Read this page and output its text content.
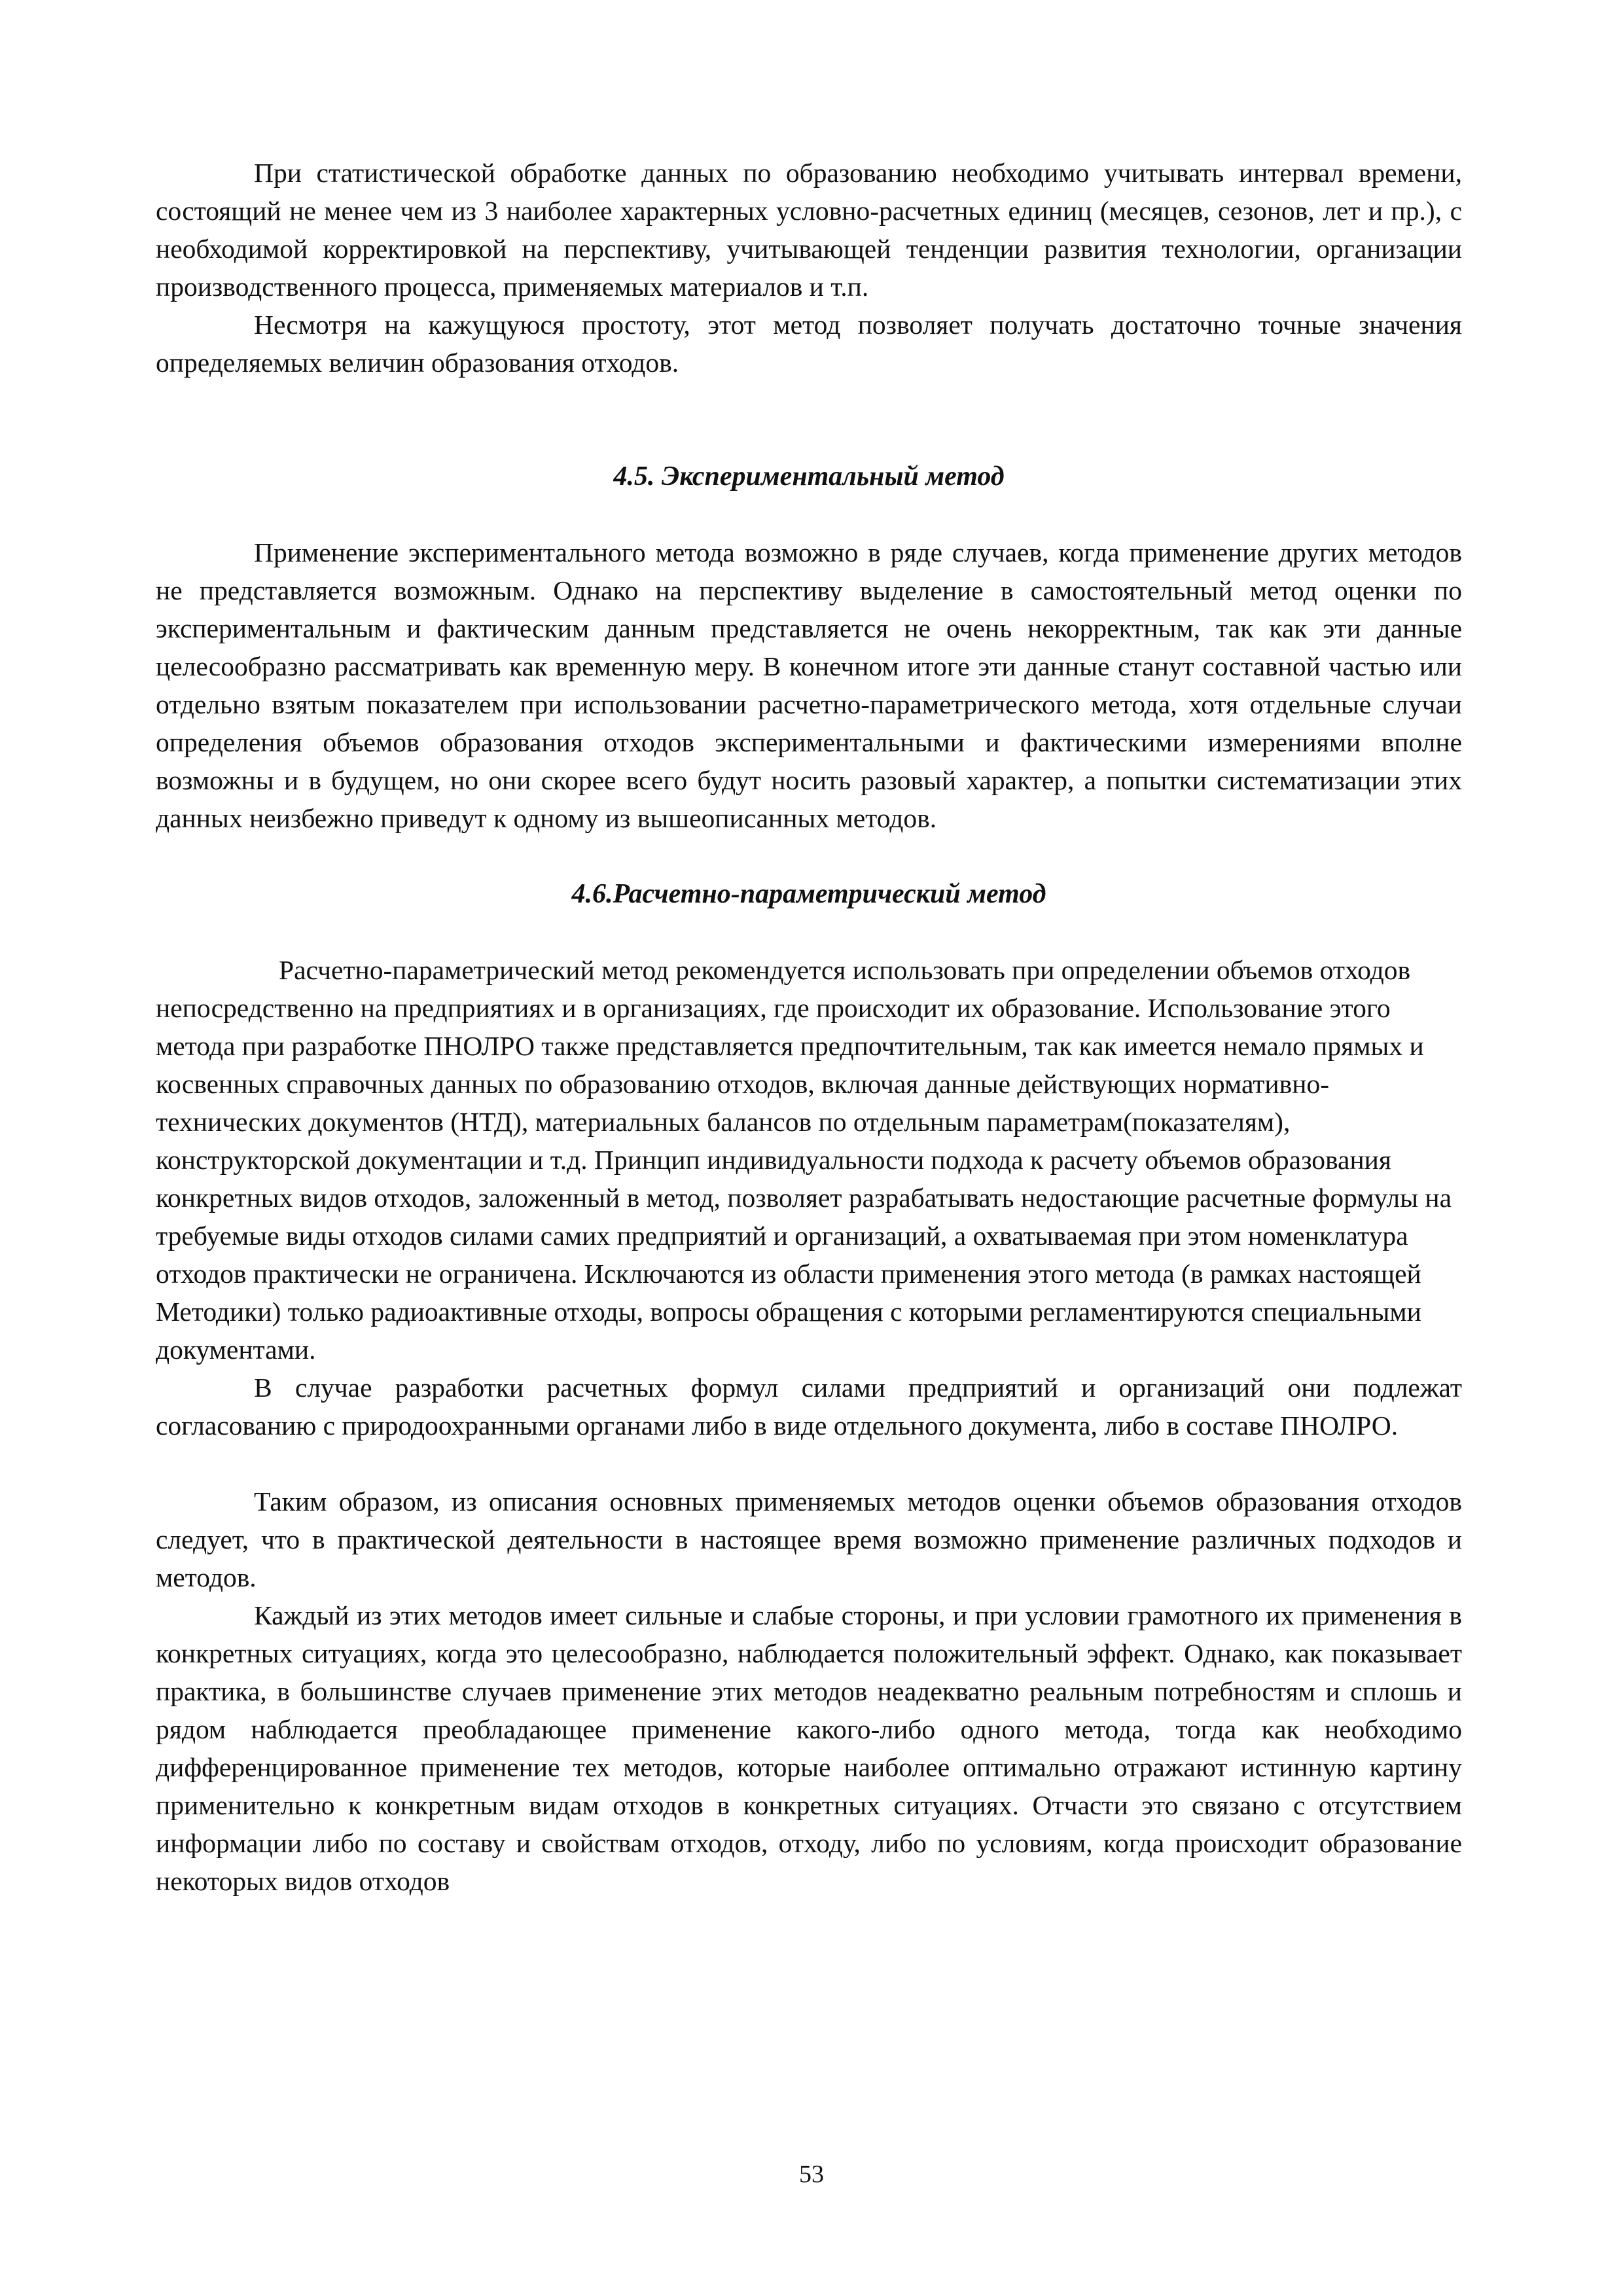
При статистической обработке данных по образованию необходимо учитывать интервал времени, состоящий не менее чем из 3 наиболее характерных условно-расчетных единиц (месяцев, сезонов, лет и пр.), с необходимой корректировкой на перспективу, учитывающей тенденции развития технологии, организации производственного процесса, применяемых материалов и т.п.

Несмотря на кажущуюся простоту, этот метод позволяет получать достаточно точные значения определяемых величин образования отходов.

4.5. Экспериментальный метод

Применение экспериментального метода возможно в ряде случаев, когда применение других методов не представляется возможным. Однако на перспективу выделение в самостоятельный метод оценки по экспериментальным и фактическим данным представляется не очень некорректным, так как эти данные целесообразно рассматривать как временную меру. В конечном итоге эти данные станут составной частью или отдельно взятым показателем при использовании расчетно-параметрического метода, хотя отдельные случаи определения объемов образования отходов экспериментальными и фактическими измерениями вполне возможны и в будущем, но они скорее всего будут носить разовый характер, а попытки систематизации этих данных неизбежно приведут к одному из вышеописанных методов.

4.6.Расчетно-параметрический метод

Расчетно-параметрический метод рекомендуется использовать при определении объемов отходов непосредственно на предприятиях и в организациях, где происходит их образование. Использование этого метода при разработке ПНОЛРО также представляется предпочтительным, так как имеется немало прямых и косвенных справочных данных по образованию отходов, включая данные действующих нормативно-технических документов (НТД), материальных балансов по отдельным параметрам(показателям), конструкторской документации и т.д. Принцип индивидуальности подхода к расчету объемов образования конкретных видов отходов, заложенный в метод, позволяет разрабатывать недостающие расчетные формулы на требуемые виды отходов силами самих предприятий и организаций, а охватываемая при этом номенклатура отходов практически не ограничена. Исключаются из области применения этого метода (в рамках настоящей Методики) только радиоактивные отходы, вопросы обращения с которыми регламентируются специальными документами.

В случае разработки расчетных формул силами предприятий и организаций они подлежат согласованию с природоохранными органами либо в виде отдельного документа, либо в составе ПНОЛРО.

Таким образом, из описания основных применяемых методов оценки объемов образования отходов следует, что в практической деятельности в настоящее время возможно применение различных подходов и методов.

Каждый из этих методов имеет сильные и слабые стороны, и при условии грамотного их применения в конкретных ситуациях, когда это целесообразно, наблюдается положительный эффект. Однако, как показывает практика, в большинстве случаев применение этих методов неадекватно реальным потребностям и сплошь и рядом наблюдается преобладающее применение какого-либо одного метода, тогда как необходимо дифференцированное применение тех методов, которые наиболее оптимально отражают истинную картину применительно к конкретным видам отходов в конкретных ситуациях. Отчасти это связано с отсутствием информации либо по составу и свойствам отходов, отходу, либо по условиям, когда происходит образование некоторых видов отходов

53
